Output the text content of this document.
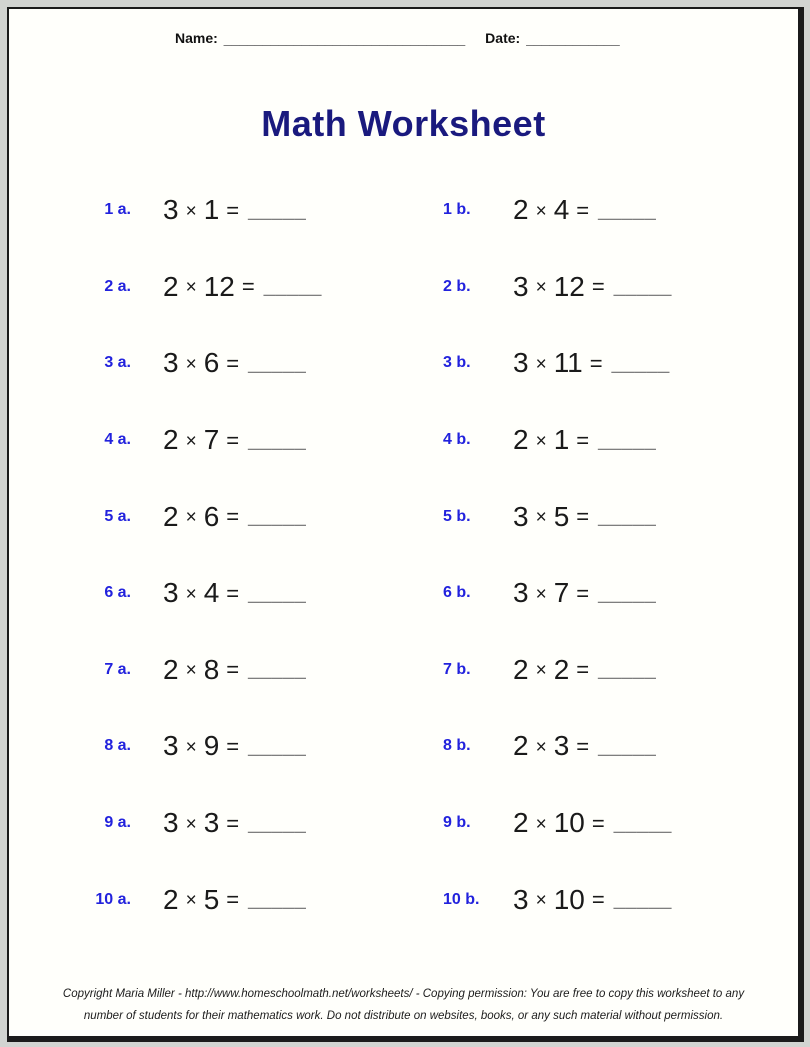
Name: _______________________________ Date: ____________
Math Worksheet
1 a. 3 × 1 = _____	1 b.	2 × 4 = _____
2 a. 2 × 12 = _____	2 b.	3 × 12 = _____
3 a. 3 × 6 = _____	3 b.	3 × 11 = _____
4 a. 2 × 7 = _____	4 b.	2 × 1 = _____
5 a. 2 × 6 = _____	5 b.	3 × 5 = _____
6 a. 3 × 4 = _____	6 b.	3 × 7 = _____
7 a. 2 × 8 = _____	7 b.	2 × 2 = _____
8 a. 3 × 9 = _____	8 b.	2 × 3 = _____
9 a. 3 × 3 = _____	9 b.	2 × 10 = _____
10 a. 2 × 5 = _____	10 b.	3 × 10 = _____
Copyright Maria Miller - http://www.homeschoolmath.net/worksheets/ - Copying permission: You are free to copy this worksheet to any
number of students for their mathematics work. Do not distribute on websites, books, or any such material without permission.
